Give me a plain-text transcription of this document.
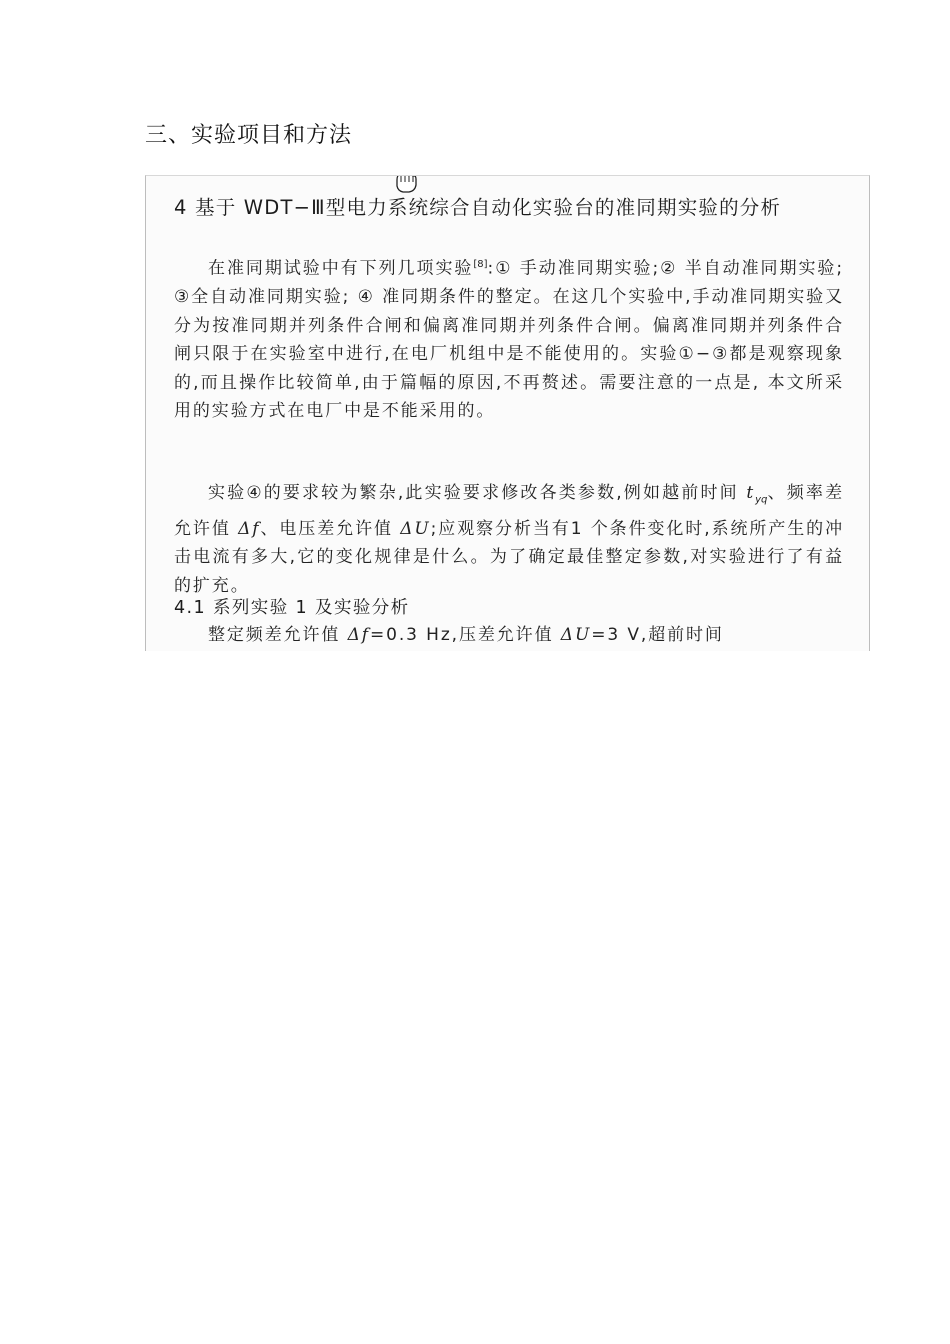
三、实验项目和方法
4 基于 WDT−Ⅲ型电力系统综合自动化实验台的准同期实验的分析

在准同期试验中有下列几项实验[8]:① 手动准同期实验;② 半自动准同期实验; ③全自动准同期实验; ④ 准同期条件的整定。在这几个实验中,手动准同期实验又分为按准同期并列条件合闸和偏离准同期并列条件合闸。偏离准同期并列条件合闸只限于在实验室中进行,在电厂机组中是不能使用的。实验①−③都是观察现象的,而且操作比较简单,由于篇幅的原因,不再赘述。需要注意的一点是, 本文所采用的实验方式在电厂中是不能采用的。

实验④的要求较为繁杂,此实验要求修改各类参数,例如越前时间 $t_{yq}$、频率差允许值 Δf、电压差允许值 ΔU;应观察分析当有1 个条件变化时,系统所产生的冲击电流有多大,它的变化规律是什么。为了确定最佳整定参数,对实验进行了有益的扩充。

4.1 系列实验 1 及实验分析

整定频差允许值 Δf=0.3 Hz,压差允许值 ΔU=3 V,超前时间
